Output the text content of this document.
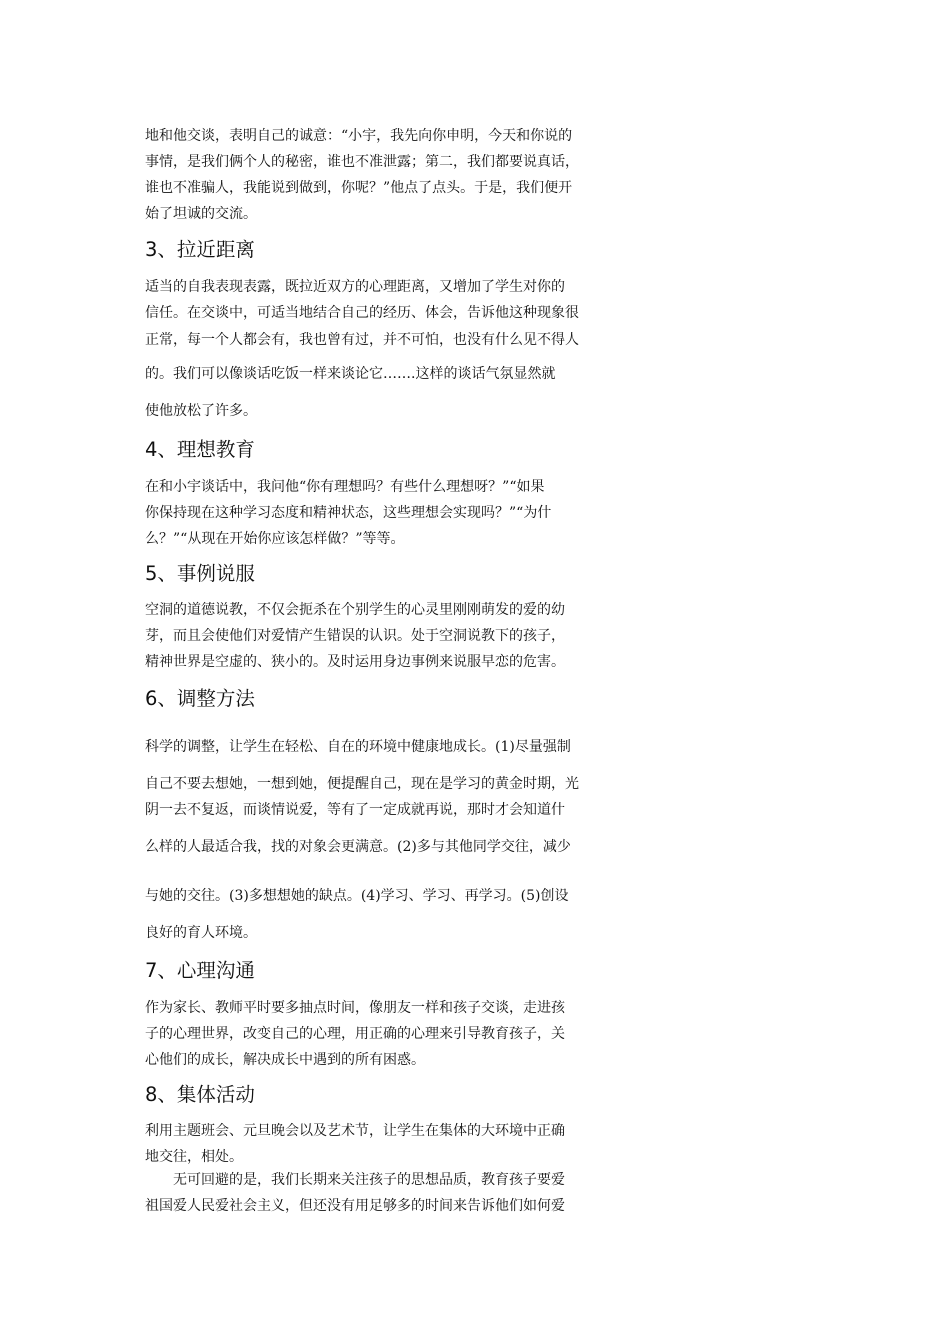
地和他交谈，表明自己的诚意：“小宇，我先向你申明，今天和你说的

事情，是我们俩个人的秘密，谁也不准泄露；第二，我们都要说真话，

谁也不准骗人，我能说到做到，你呢？”他点了点头。于是，我们便开

始了坦诚的交流。

3、拉近距离

适当的自我表现表露，既拉近双方的心理距离，又增加了学生对你的

信任。在交谈中，可适当地结合自己的经历、体会，告诉他这种现象很

正常，每一个人都会有，我也曾有过，并不可怕，也没有什么见不得人

的。我们可以像谈话吃饭一样来谈论它…….这样的谈话气氛显然就

使他放松了许多。

4、理想教育

在和小宇谈话中，我问他“你有理想吗？有些什么理想呀？”“如果

你保持现在这种学习态度和精神状态，这些理想会实现吗？”“为什

么？”“从现在开始你应该怎样做？”等等。

5、事例说服

空洞的道德说教，不仅会扼杀在个别学生的心灵里刚刚萌发的爱的幼

芽，而且会使他们对爱情产生错误的认识。处于空洞说教下的孩子，

精神世界是空虚的、狭小的。及时运用身边事例来说服早恋的危害。

6、调整方法

科学的调整，让学生在轻松、自在的环境中健康地成长。(1)尽量强制

自己不要去想她，一想到她，便提醒自己，现在是学习的黄金时期，光

阴一去不复返，而谈情说爱，等有了一定成就再说，那时才会知道什

么样的人最适合我，找的对象会更满意。(2)多与其他同学交往，减少

与她的交往。(3)多想想她的缺点。(4)学习、学习、再学习。(5)创设

良好的育人环境。

7、心理沟通

作为家长、教师平时要多抽点时间，像朋友一样和孩子交谈，走进孩

子的心理世界，改变自己的心理，用正确的心理来引导教育孩子，关

心他们的成长，解决成长中遇到的所有困惑。

8、集体活动

利用主题班会、元旦晚会以及艺术节，让学生在集体的大环境中正确

地交往，相处。

　　无可回避的是，我们长期来关注孩子的思想品质，教育孩子要爱

祖国爱人民爱社会主义，但还没有用足够多的时间来告诉他们如何爱
